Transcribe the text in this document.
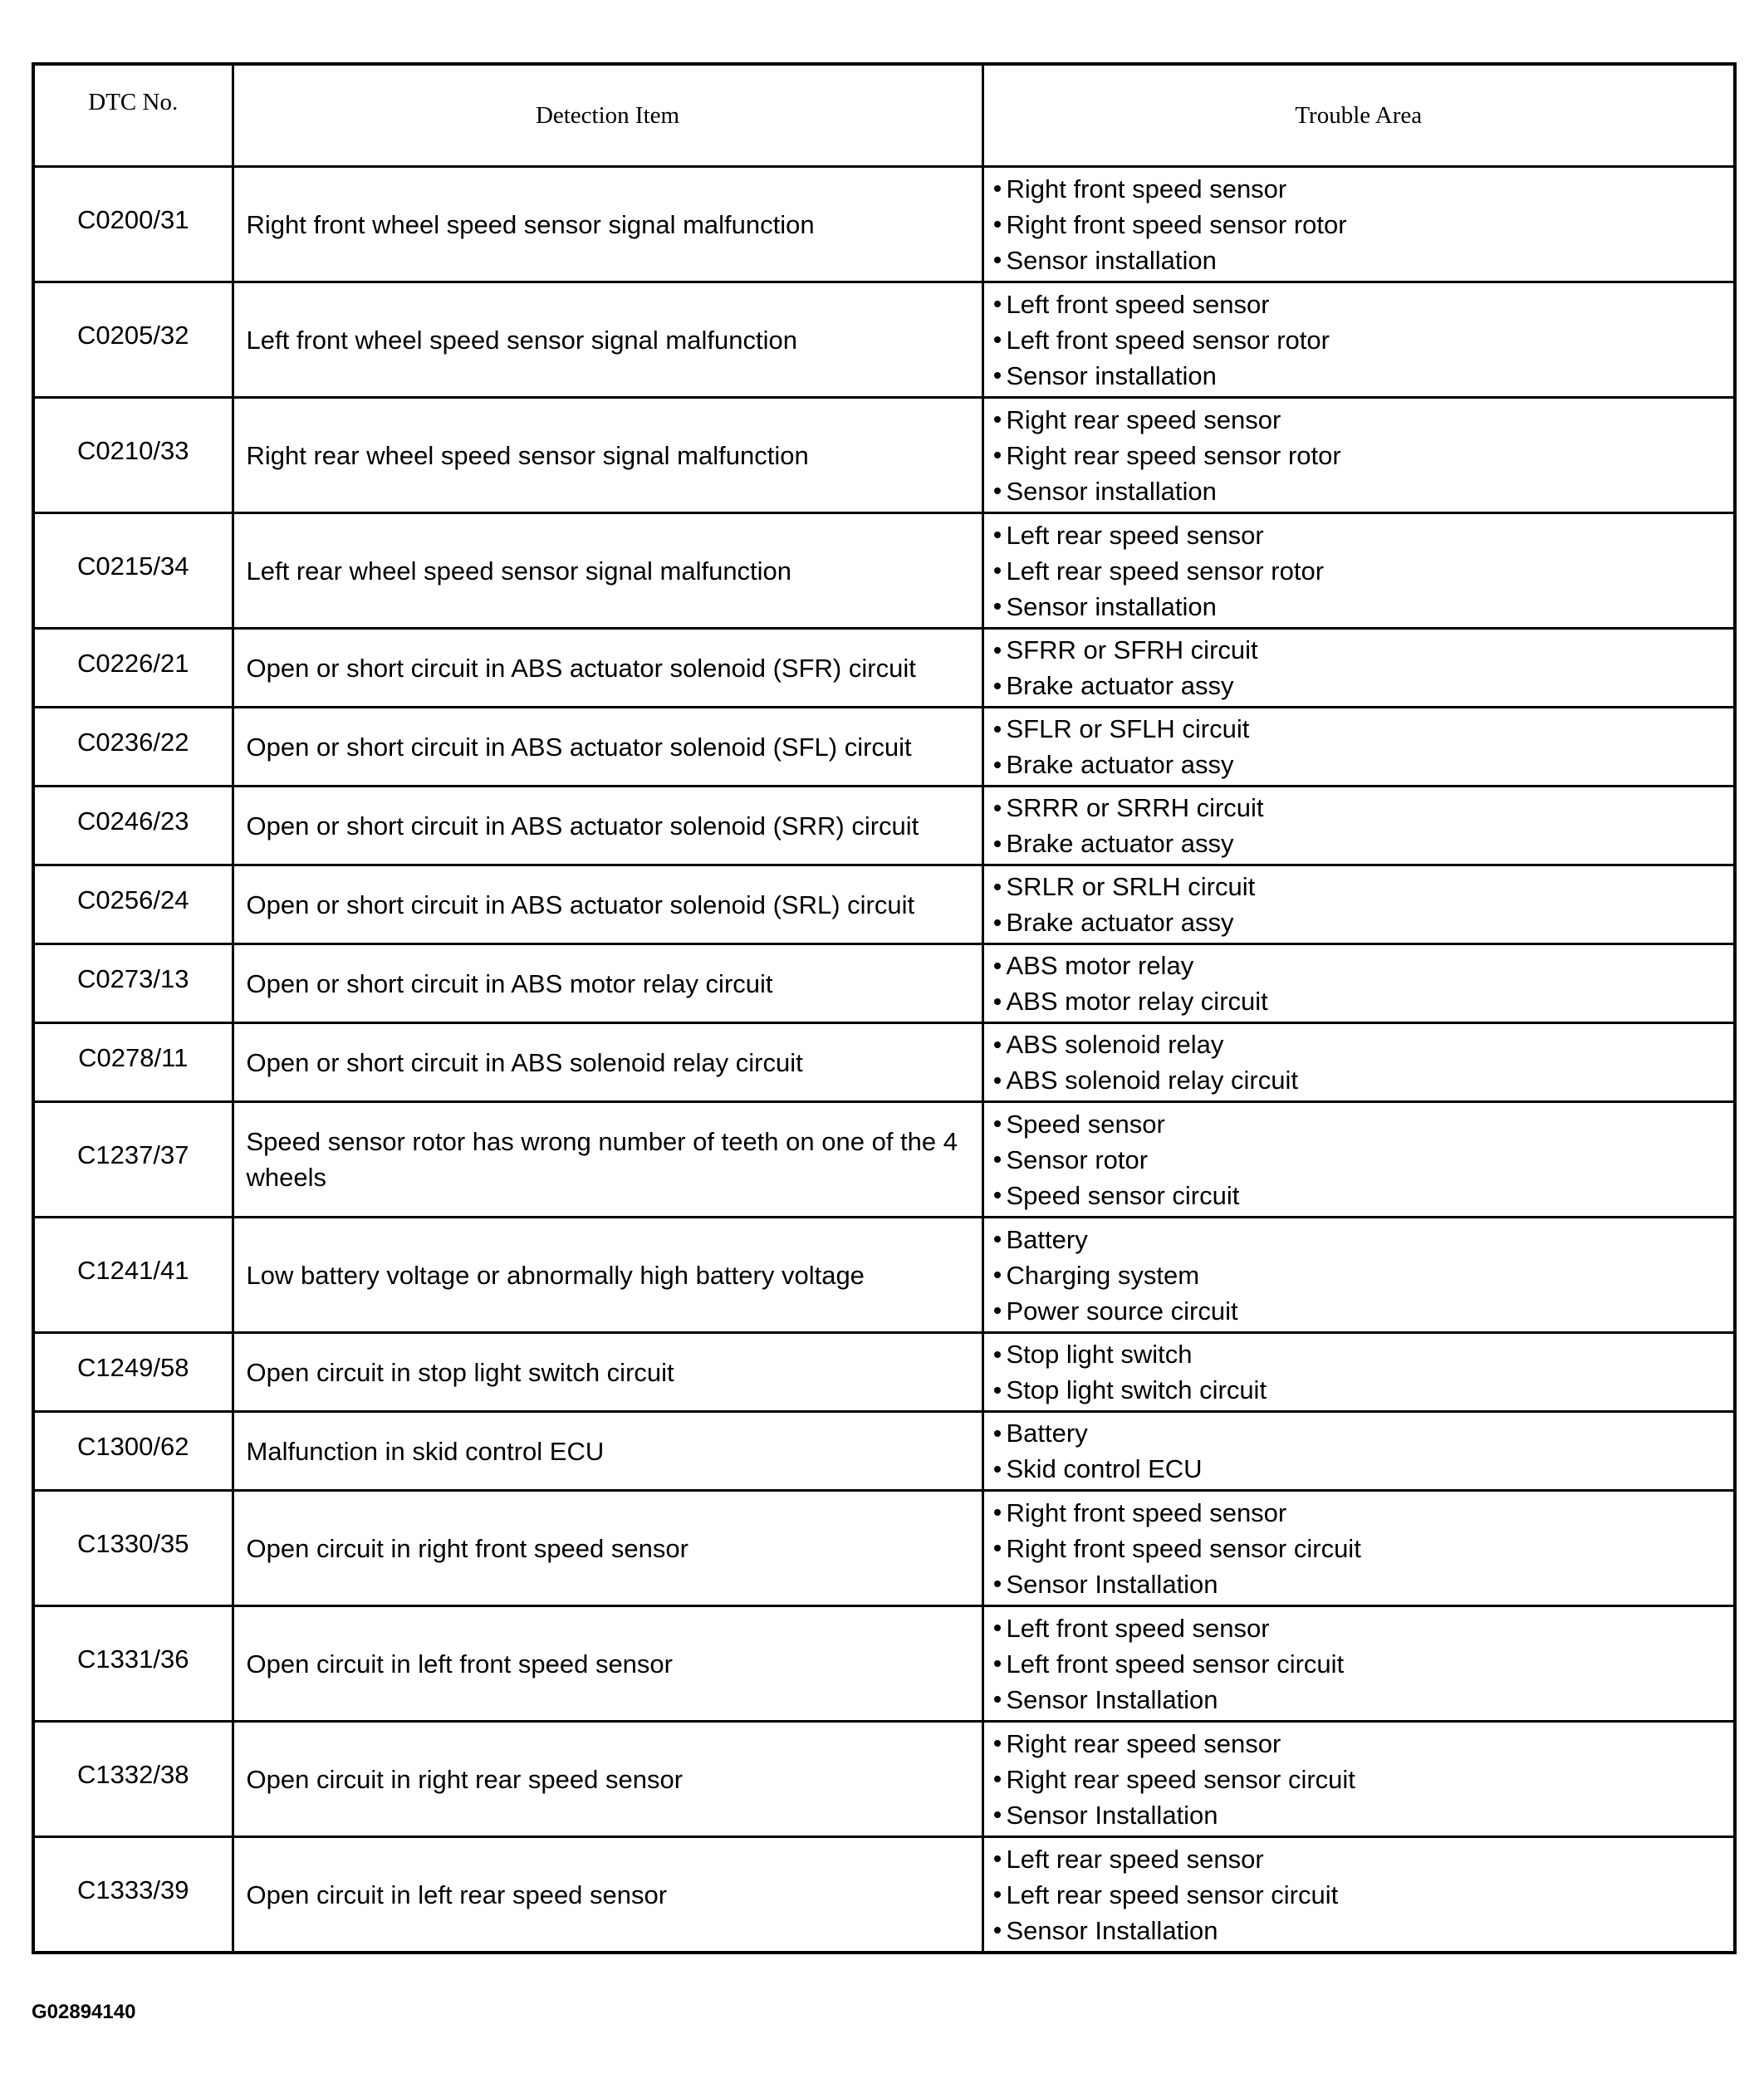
DTC No.	Detection Item	Trouble Area
C0200/31	Right front wheel speed sensor signal malfunction	Right front speed sensor
Right front speed sensor rotor
Sensor installation

C0205/32	Left front wheel speed sensor signal malfunction	Left front speed sensor
Left front speed sensor rotor
Sensor installation

C0210/33	Right rear wheel speed sensor signal malfunction	Right rear speed sensor
Right rear speed sensor rotor
Sensor installation

C0215/34	Left rear wheel speed sensor signal malfunction	Left rear speed sensor
Left rear speed sensor rotor
Sensor installation

C0226/21	Open or short circuit in ABS actuator solenoid (SFR) circuit	SFRR or SFRH circuit
Brake actuator assy

C0236/22	Open or short circuit in ABS actuator solenoid (SFL) circuit	SFLR or SFLH circuit
Brake actuator assy

C0246/23	Open or short circuit in ABS actuator solenoid (SRR) circuit	SRRR or SRRH circuit
Brake actuator assy

C0256/24	Open or short circuit in ABS actuator solenoid (SRL) circuit	SRLR or SRLH circuit
Brake actuator assy

C0273/13	Open or short circuit in ABS motor relay circuit	ABS motor relay
ABS motor relay circuit

C0278/11	Open or short circuit in ABS solenoid relay circuit	ABS solenoid relay
ABS solenoid relay circuit

C1237/37	Speed sensor rotor has wrong number of teeth on one of the 4 wheels	Speed sensor
Sensor rotor
Speed sensor circuit

C1241/41	Low battery voltage or abnormally high battery voltage	Battery
Charging system
Power source circuit

C1249/58	Open circuit in stop light switch circuit	Stop light switch
Stop light switch circuit

C1300/62	Malfunction in skid control ECU	Battery
Skid control ECU

C1330/35	Open circuit in right front speed sensor	Right front speed sensor
Right front speed sensor circuit
Sensor Installation

C1331/36	Open circuit in left front speed sensor	Left front speed sensor
Left front speed sensor circuit
Sensor Installation

C1332/38	Open circuit in right rear speed sensor	Right rear speed sensor
Right rear speed sensor circuit
Sensor Installation

C1333/39	Open circuit in left rear speed sensor	Left rear speed sensor
Left rear speed sensor circuit
Sensor Installation
G02894140
